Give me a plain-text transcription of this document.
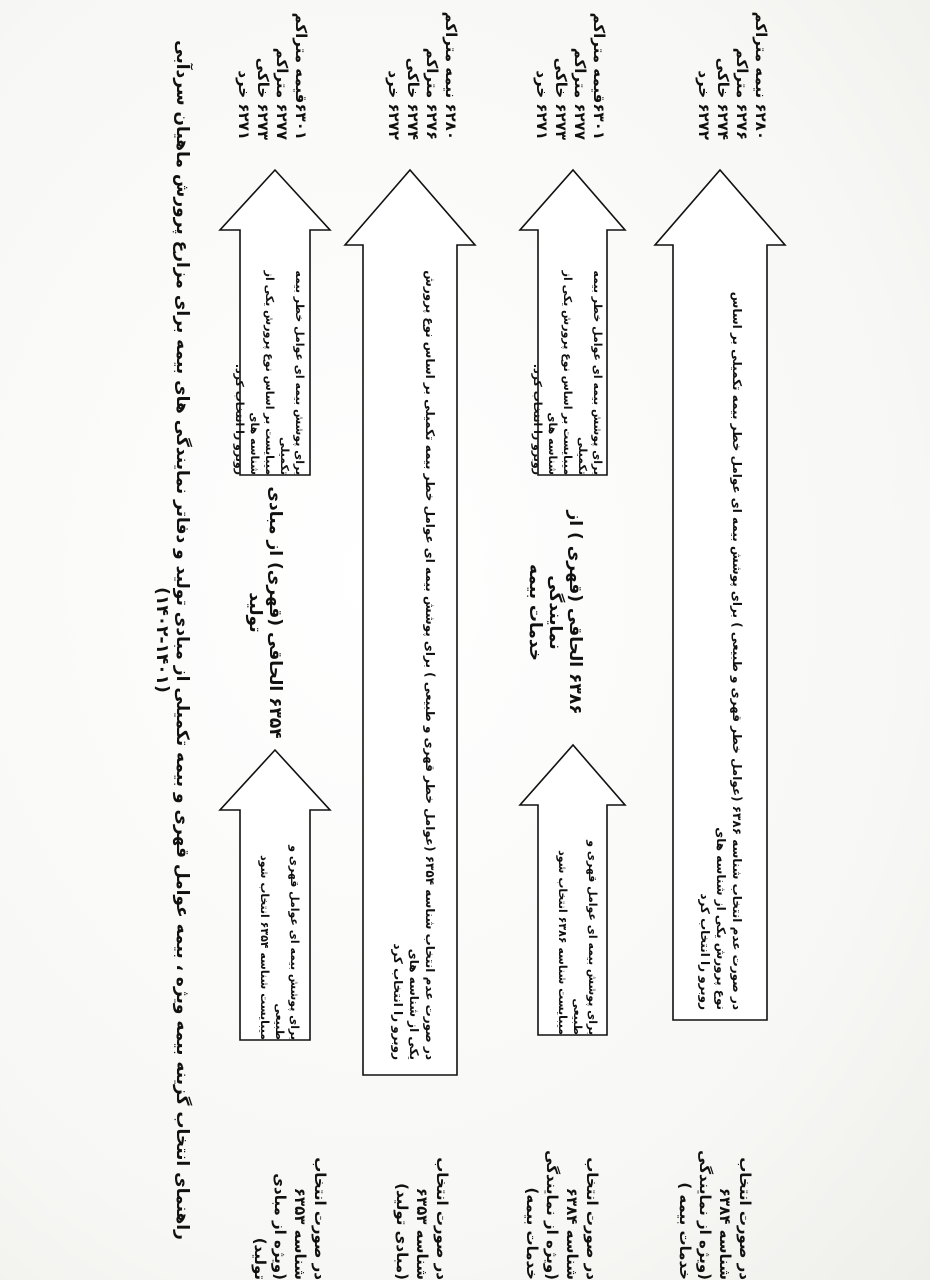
راهنمای انتخاب گزینه بیمه ویژه ، بیمه عوامل قهری و بیمه تکمیلی از مبادی تولید و دفاتر نمایندگی های بیمه برای مزارع پرورش ماهیان سردآبی (۱۴۰۱-۱۴۰۲)
در صورت انتخاب شناسه ۶۳۵۳
(ویژه از مبادی تولید)
برای پوشش بیمه ای عوامل قهری و طبیعی
میبایست شناسه ۶۳۵۴ انتخاب شود
۶۳۵۴ الحاقی (قهری) از مبادی تولید
برای پوشش بیمه ای عوامل خطر بیمه تکمیلی
میبایست بر اساس نوع پرورش یکی از شناسه های
روبرو را انتخاب کرد.
۶۳۰۱قیمه متراکم
۶۲۷۷ متراکم
۶۲۷۳ خاکی
۶۲۷۱ خرد
در صورت انتخاب شناسه ۶۳۵۳
(مبادی تولید)
در صورت عدم انتخاب شناسه ۶۳۵۴ (عوامل خطر قهری و طبیعی ) برای پوشش بیمه ای عوامل خطر بیمه تکمیلی بر اساس نوع پرورش یکی از شناسه های
روبرو را انتخاب کرد
۶۲۸۰ نیمه متراکم
۶۲۷۶ متراکم
۶۲۷۴ خاکی
۶۲۷۲ خرد
در صورت انتخاب شناسه ۶۳۸۴
(ویژه از نمایندگی خدمات بیمه)
برای پوشش بیمه ای عوامل قهری و طبیعی
میبایست شناسه ۶۳۸۶ انتخاب شود
۶۳۸۶ الحاقی (قهری ) از نمایندگی
خدمات بیمه
برای پوشش بیمه ای عوامل خطر بیمه تکمیلی
میبایست بر اساس نوع پرورش یکی از شناسه های
روبرو را انتخاب کرد.
۶۳۰۱قیمه متراکم
۶۲۷۷ متراکم
۶۲۷۳ خاکی
۶۲۷۱ خرد
در صورت انتخاب شناسه ۶۳۸۴
(ویژه از نمایندگی خدمات بیمه )
در صورت عدم انتخاب شناسه ۶۳۸۶ (عوامل خطر قهری و طبیعی ) برای پوشش بیمه ای عوامل خطر بیمه تکمیلی بر اساس نوع پرورش یکی از شناسه های
روبرو را انتخاب کرد
۶۲۸۰ نیمه متراکم
۶۲۷۶ متراکم
۶۲۷۴ خاکی
۶۲۷۲ خرد
